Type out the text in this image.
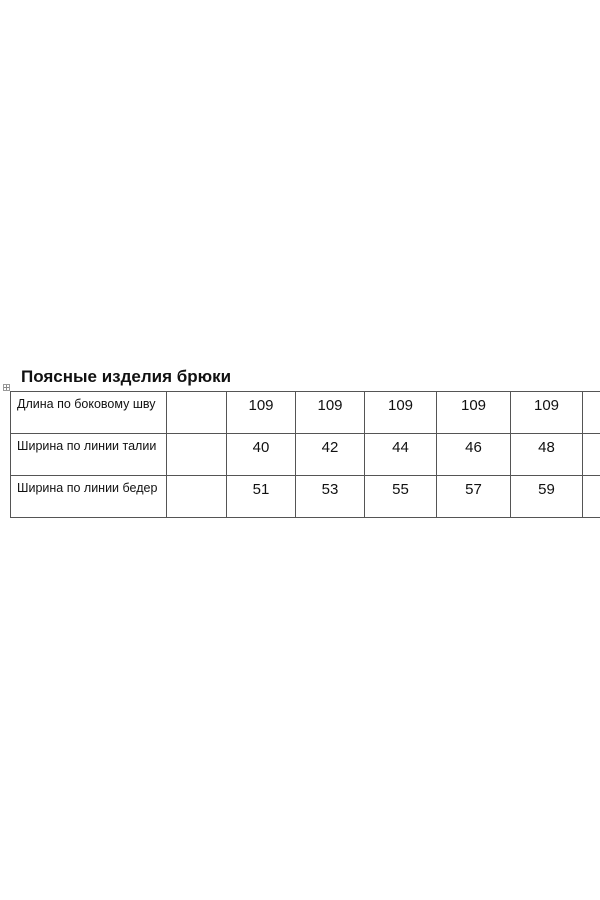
Поясные изделия брюки
Длина по боковому шву		109	109	109	109	109	
Ширина по линии талии		40	42	44	46	48	
Ширина по линии бедер		51	53	55	57	59	
